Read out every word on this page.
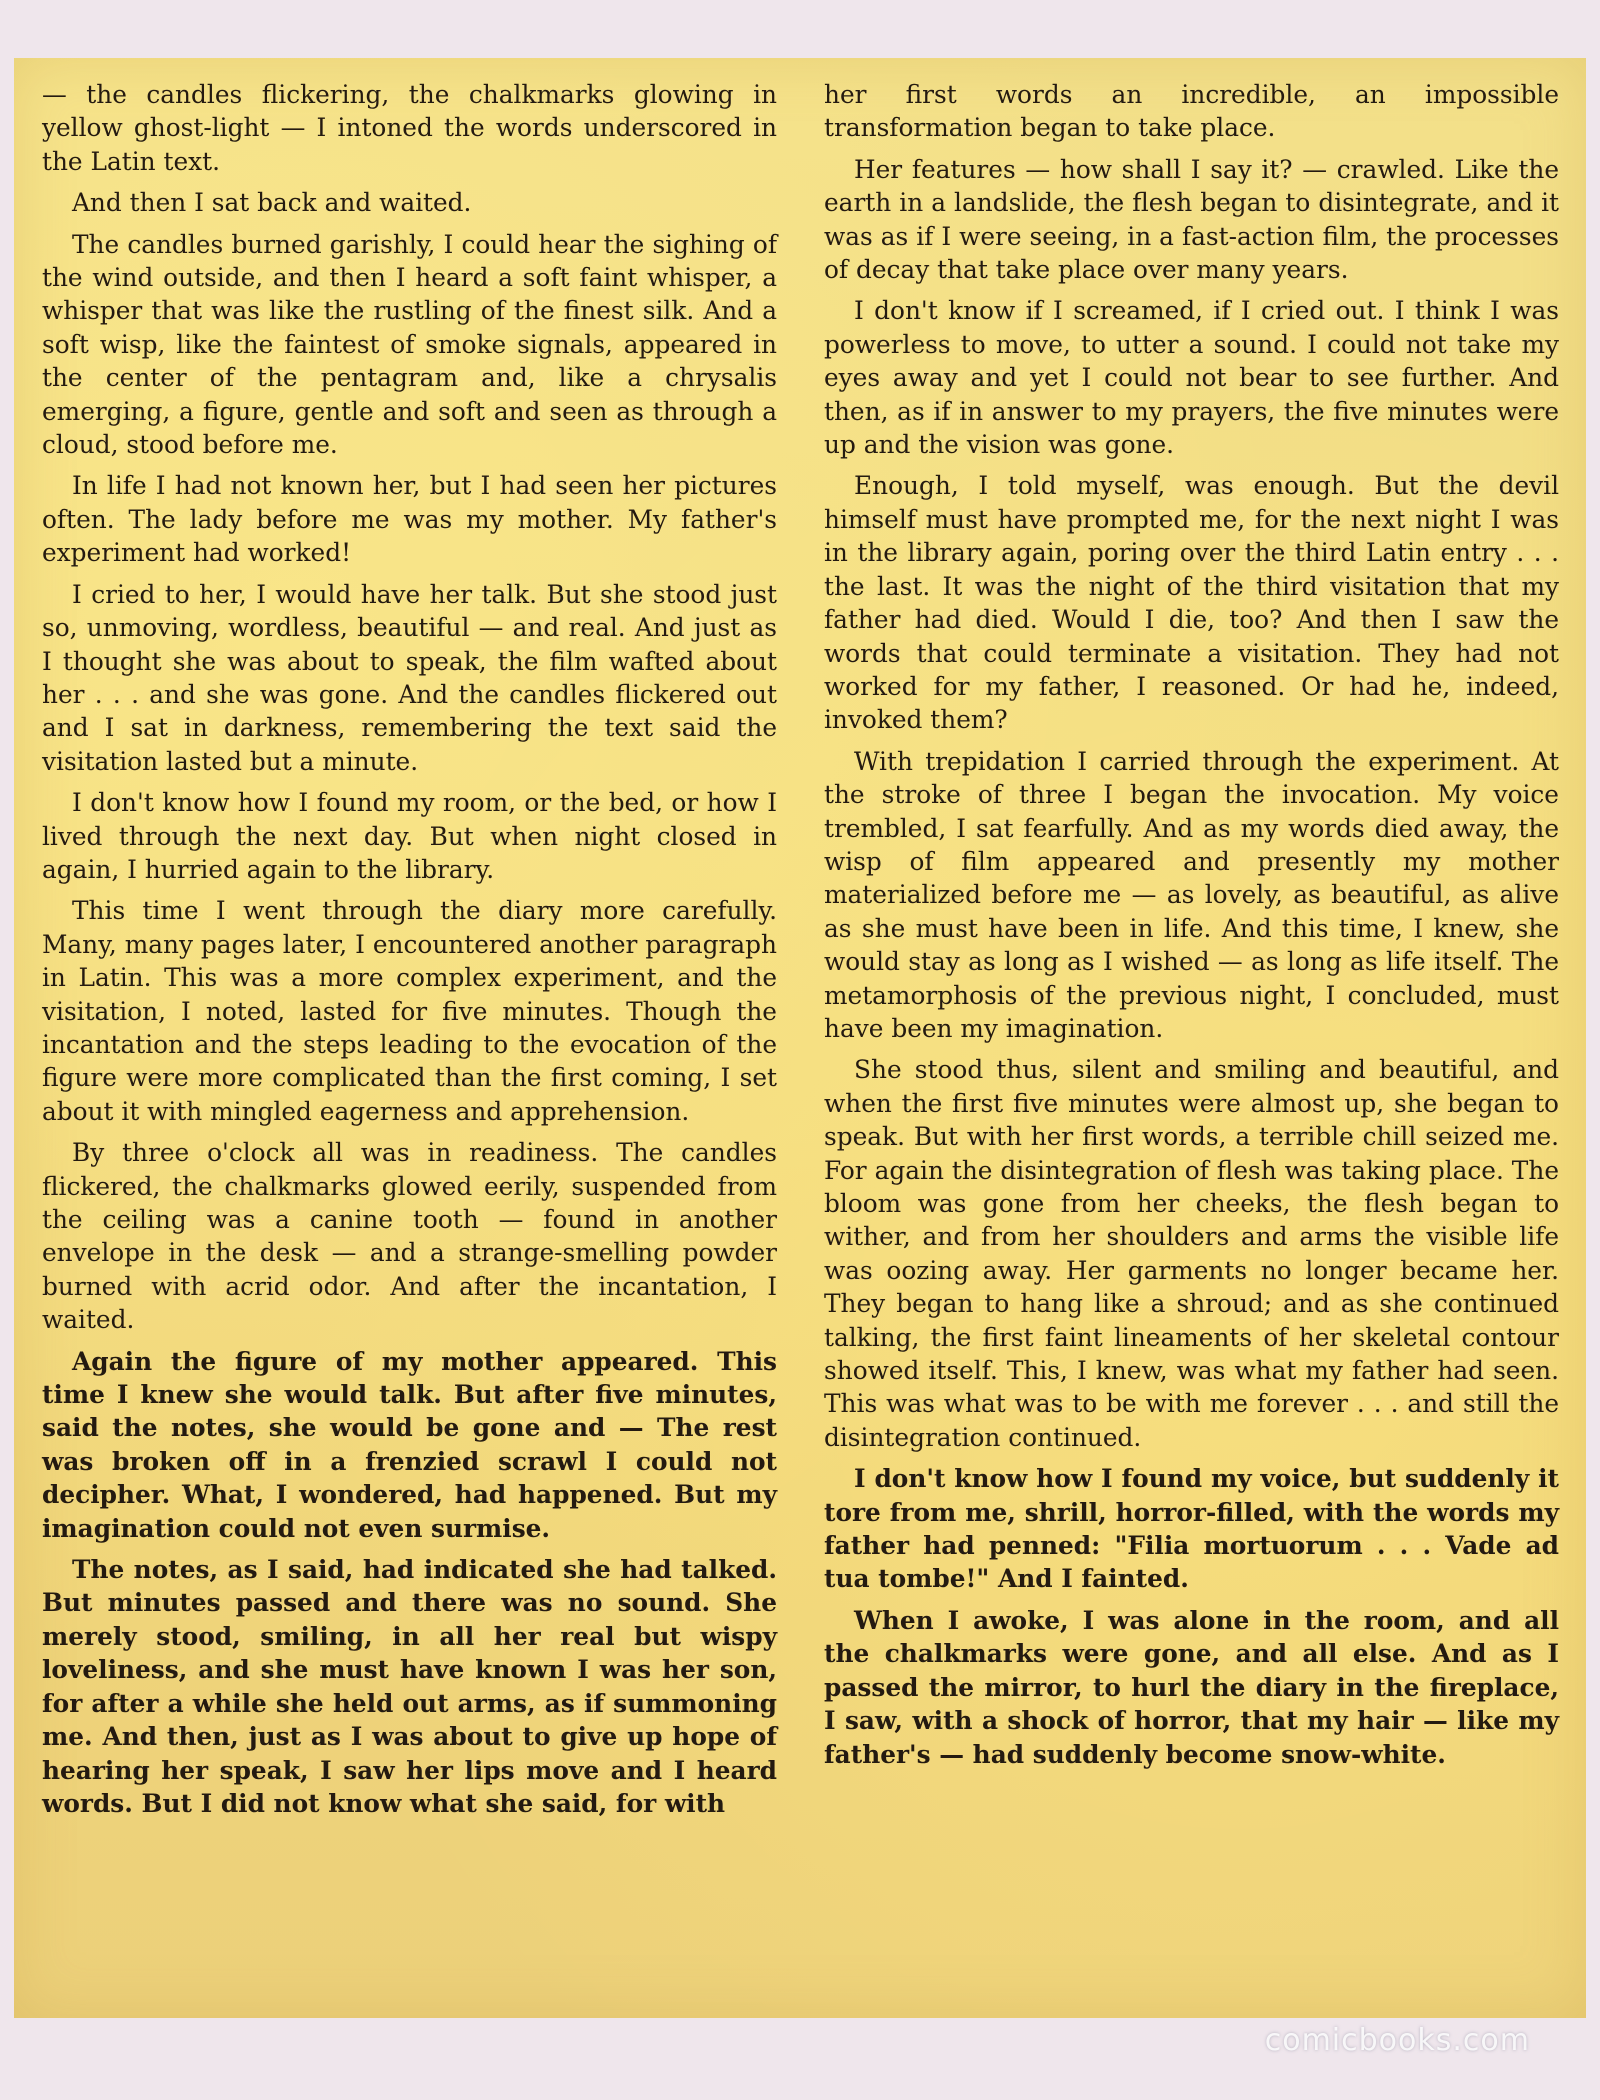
— the candles flickering, the chalkmarks glowing in yellow ghost-light — I intoned the words underscored in the Latin text.

And then I sat back and waited.

The candles burned garishly, I could hear the sighing of the wind outside, and then I heard a soft faint whisper, a whisper that was like the rustling of the finest silk. And a soft wisp, like the faintest of smoke signals, appeared in the center of the pentagram and, like a chrysalis emerging, a figure, gentle and soft and seen as through a cloud, stood before me.

In life I had not known her, but I had seen her pictures often. The lady before me was my mother. My father's experiment had worked!

I cried to her, I would have her talk. But she stood just so, unmoving, wordless, beautiful — and real. And just as I thought she was about to speak, the film wafted about her . . . and she was gone. And the candles flickered out and I sat in darkness, remembering the text said the visitation lasted but a minute.

I don't know how I found my room, or the bed, or how I lived through the next day. But when night closed in again, I hurried again to the library.

This time I went through the diary more carefully. Many, many pages later, I encountered another paragraph in Latin. This was a more complex experiment, and the visitation, I noted, lasted for five minutes. Though the incantation and the steps leading to the evocation of the figure were more complicated than the first coming, I set about it with mingled eagerness and apprehension.

By three o'clock all was in readiness. The candles flickered, the chalkmarks glowed eerily, suspended from the ceiling was a canine tooth — found in another envelope in the desk — and a strange-smelling powder burned with acrid odor. And after the incantation, I waited.

Again the figure of my mother appeared. This time I knew she would talk. But after five minutes, said the notes, she would be gone and — The rest was broken off in a frenzied scrawl I could not decipher. What, I wondered, had happened. But my imagination could not even surmise.

The notes, as I said, had indicated she had talked. But minutes passed and there was no sound. She merely stood, smiling, in all her real but wispy loveliness, and she must have known I was her son, for after a while she held out arms, as if summoning me. And then, just as I was about to give up hope of hearing her speak, I saw her lips move and I heard words. But I did not know what she said, for with

her first words an incredible, an impossible transformation began to take place.

Her features — how shall I say it? — crawled. Like the earth in a landslide, the flesh began to disintegrate, and it was as if I were seeing, in a fast-action film, the processes of decay that take place over many years.

I don't know if I screamed, if I cried out. I think I was powerless to move, to utter a sound. I could not take my eyes away and yet I could not bear to see further. And then, as if in answer to my prayers, the five minutes were up and the vision was gone.

Enough, I told myself, was enough. But the devil himself must have prompted me, for the next night I was in the library again, poring over the third Latin entry . . . the last. It was the night of the third visitation that my father had died. Would I die, too? And then I saw the words that could terminate a visitation. They had not worked for my father, I reasoned. Or had he, indeed, invoked them?

With trepidation I carried through the experiment. At the stroke of three I began the invocation. My voice trembled, I sat fearfully. And as my words died away, the wisp of film appeared and presently my mother materialized before me — as lovely, as beautiful, as alive as she must have been in life. And this time, I knew, she would stay as long as I wished — as long as life itself. The metamorphosis of the previous night, I concluded, must have been my imagination.

She stood thus, silent and smiling and beautiful, and when the first five minutes were almost up, she began to speak. But with her first words, a terrible chill seized me. For again the disintegration of flesh was taking place. The bloom was gone from her cheeks, the flesh began to wither, and from her shoulders and arms the visible life was oozing away. Her garments no longer became her. They began to hang like a shroud; and as she continued talking, the first faint lineaments of her skeletal contour showed itself. This, I knew, was what my father had seen. This was what was to be with me forever . . . and still the disintegration continued.

I don't know how I found my voice, but suddenly it tore from me, shrill, horror-filled, with the words my father had penned: "Filia mortuorum . . . Vade ad tua tombe!" And I fainted.

When I awoke, I was alone in the room, and all the chalkmarks were gone, and all else. And as I passed the mirror, to hurl the diary in the fireplace, I saw, with a shock of horror, that my hair — like my father's — had suddenly become snow-white.

comicbooks.com
